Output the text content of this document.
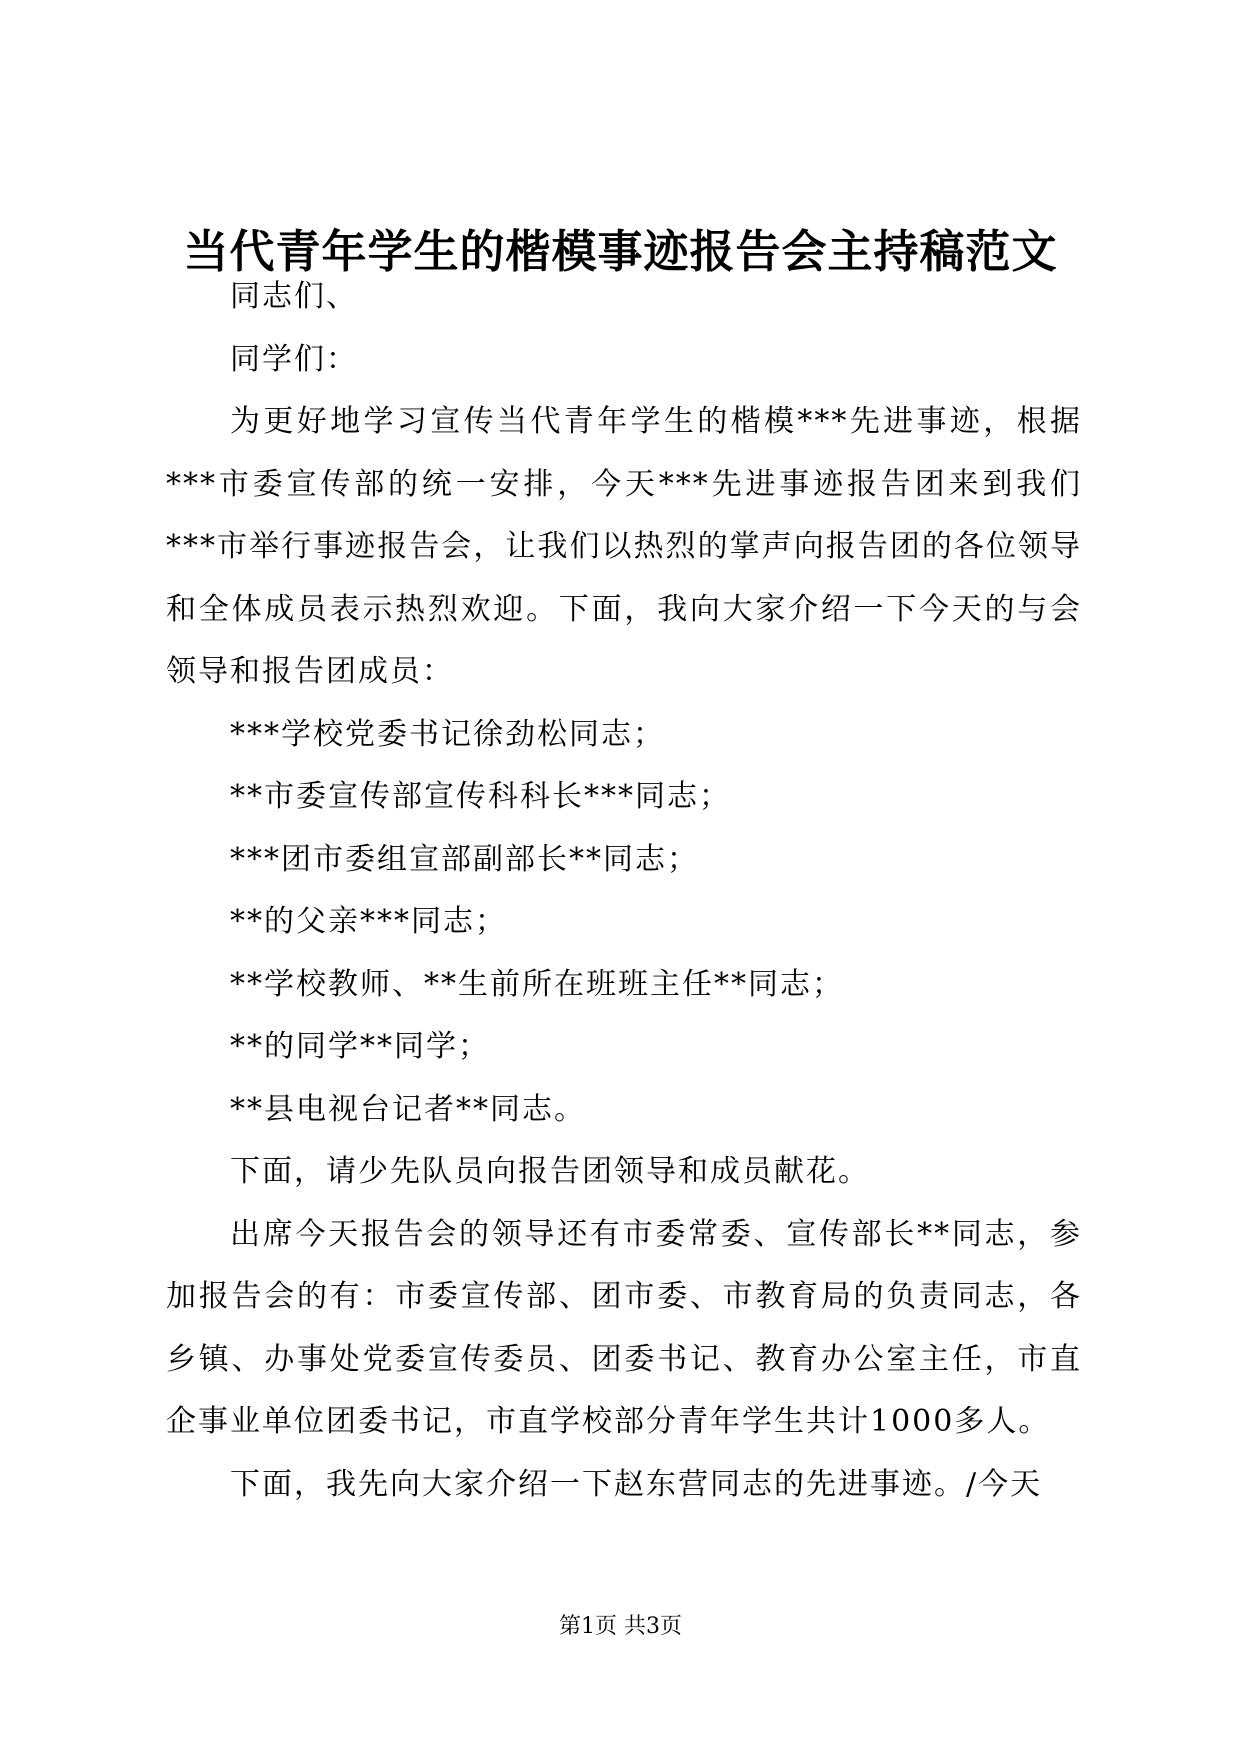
当代青年学生的楷模事迹报告会主持稿范文

同志们、

同学们：

为更好地学习宣传当代青年学生的楷模***先进事迹，根据***市委宣传部的统一安排，今天***先进事迹报告团来到我们***市举行事迹报告会，让我们以热烈的掌声向报告团的各位领导和全体成员表示热烈欢迎。下面，我向大家介绍一下今天的与会领导和报告团成员：

***学校党委书记徐劲松同志；

**市委宣传部宣传科科长***同志；

***团市委组宣部副部长**同志；

**的父亲***同志；

**学校教师、**生前所在班班主任**同志；

**的同学**同学；

**县电视台记者**同志。

下面，请少先队员向报告团领导和成员献花。

出席今天报告会的领导还有市委常委、宣传部长**同志，参加报告会的有：市委宣传部、团市委、市教育局的负责同志，各乡镇、办事处党委宣传委员、团委书记、教育办公室主任，市直企事业单位团委书记，市直学校部分青年学生共计1000多人。

下面，我先向大家介绍一下赵东营同志的先进事迹。/今天

第1页 共3页
